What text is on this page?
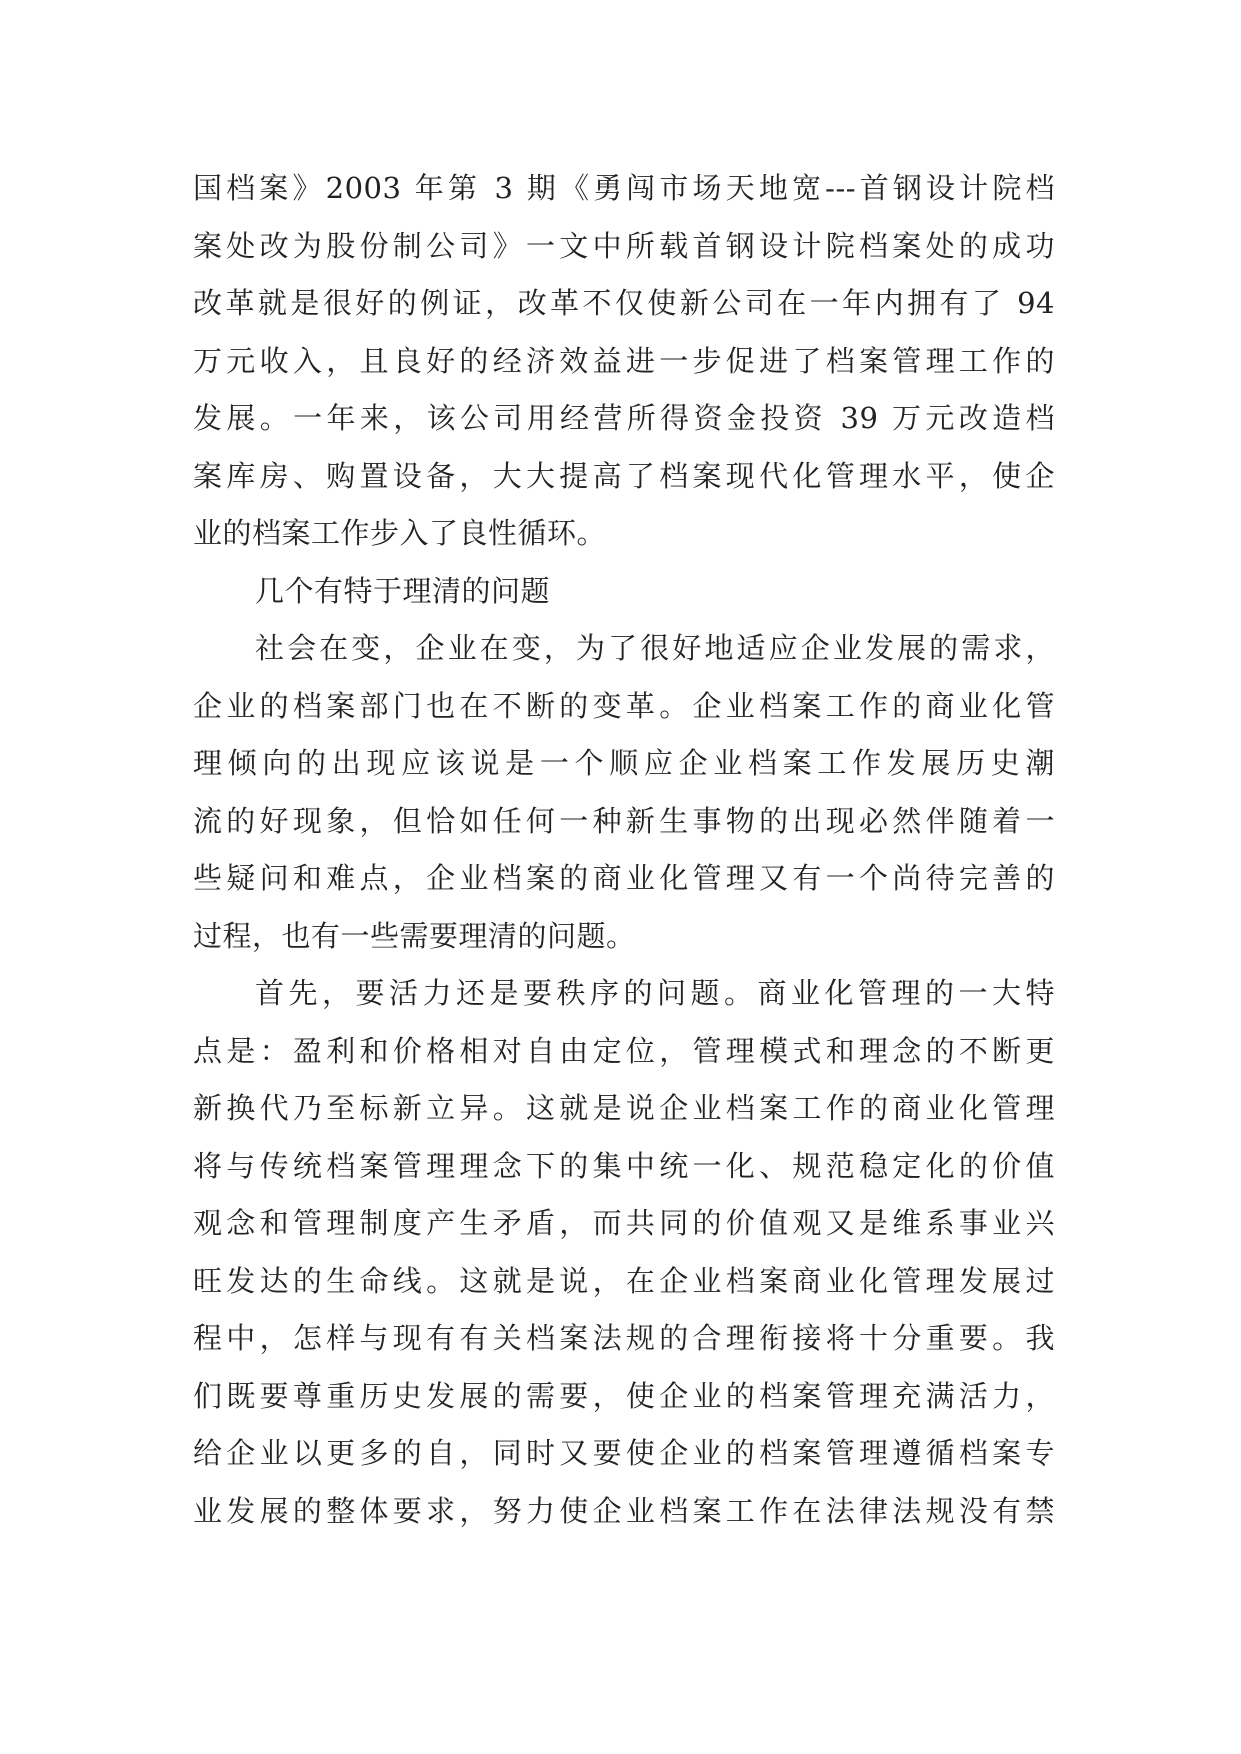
国档案》2003 年第 3 期《勇闯市场天地宽---首钢设计院档
案处改为股份制公司》一文中所载首钢设计院档案处的成功
改革就是很好的例证，改革不仅使新公司在一年内拥有了 94
万元收入，且良好的经济效益进一步促进了档案管理工作的
发展。一年来，该公司用经营所得资金投资 39 万元改造档
案库房、购置设备，大大提高了档案现代化管理水平，使企
业的档案工作步入了良性循环。
几个有特于理清的问题
社会在变，企业在变，为了很好地适应企业发展的需求，
企业的档案部门也在不断的变革。企业档案工作的商业化管
理倾向的出现应该说是一个顺应企业档案工作发展历史潮
流的好现象，但恰如任何一种新生事物的出现必然伴随着一
些疑问和难点，企业档案的商业化管理又有一个尚待完善的
过程，也有一些需要理清的问题。
首先，要活力还是要秩序的问题。商业化管理的一大特
点是：盈利和价格相对自由定位，管理模式和理念的不断更
新换代乃至标新立异。这就是说企业档案工作的商业化管理
将与传统档案管理理念下的集中统一化、规范稳定化的价值
观念和管理制度产生矛盾，而共同的价值观又是维系事业兴
旺发达的生命线。这就是说，在企业档案商业化管理发展过
程中，怎样与现有有关档案法规的合理衔接将十分重要。我
们既要尊重历史发展的需要，使企业的档案管理充满活力，
给企业以更多的自，同时又要使企业的档案管理遵循档案专
业发展的整体要求，努力使企业档案工作在法律法规没有禁
